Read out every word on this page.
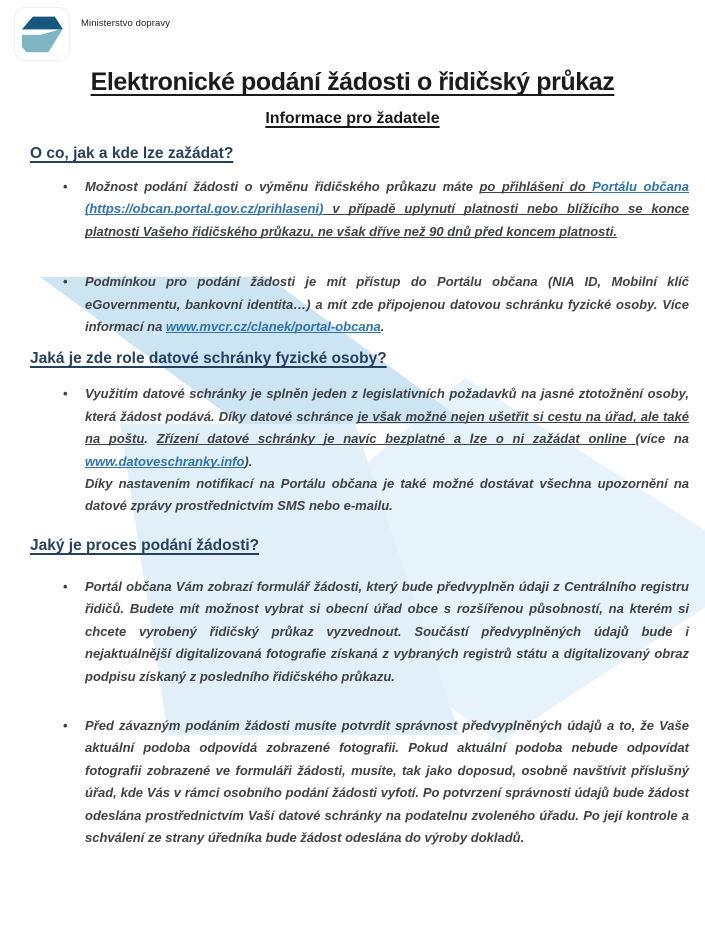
Ministerstvo dopravy
Elektronické podání žádosti o řidičský průkaz
Informace pro žadatele
O co, jak a kde lze zažádat?

• Možnost podání žádosti o výměnu řidičského průkazu máte po přihlášení do Portálu občana (https://obcan.portal.gov.cz/prihlaseni) v případě uplynutí platnosti nebo blížícího se konce platnosti Vašeho řidičského průkazu, ne však dříve než 90 dnů před koncem platnosti.

• Podmínkou pro podání žádosti je mít přístup do Portálu občana (NIA ID, Mobilní klíč eGovernmentu, bankovní identita…) a mít zde připojenou datovou schránku fyzické osoby. Více informací na www.mvcr.cz/clanek/portal-obcana.

Jaká je zde role datové schránky fyzické osoby?

• Využitím datové schránky je splněn jeden z legislativních požadavků na jasné ztotožnění osoby, která žádost podává. Díky datové schránce je však možné nejen ušetřit si cestu na úřad, ale také na poštu. Zřízení datové schránky je navíc bezplatné a lze o ni zažádat online (více na www.datoveschranky.info).

Díky nastavením notifikací na Portálu občana je také možné dostávat všechna upozornění na datové zprávy prostřednictvím SMS nebo e-mailu.

Jaký je proces podání žádosti?

• Portál občana Vám zobrazí formulář žádosti, který bude předvyplněn údaji z Centrálního registru řidičů. Budete mít možnost vybrat si obecní úřad obce s rozšířenou působností, na kterém si chcete vyrobený řidičský průkaz vyzvednout. Součástí předvyplněných údajů bude i nejaktuálnější digitalizovaná fotografie získaná z vybraných registrů státu a digitalizovaný obraz podpisu získaný z posledního řidičského průkazu.

• Před závazným podáním žádosti musíte potvrdit správnost předvyplněných údajů a to, že Vaše aktuální podoba odpovídá zobrazené fotografii. Pokud aktuální podoba nebude odpovídat fotografii zobrazené ve formuláři žádosti, musíte, tak jako doposud, osobně navštívit příslušný úřad, kde Vás v rámci osobního podání žádosti vyfotí. Po potvrzení správnosti údajů bude žádost odeslána prostřednictvím Vaší datové schránky na podatelnu zvoleného úřadu. Po její kontrole a schválení ze strany úředníka bude žádost odeslána do výroby dokladů.
